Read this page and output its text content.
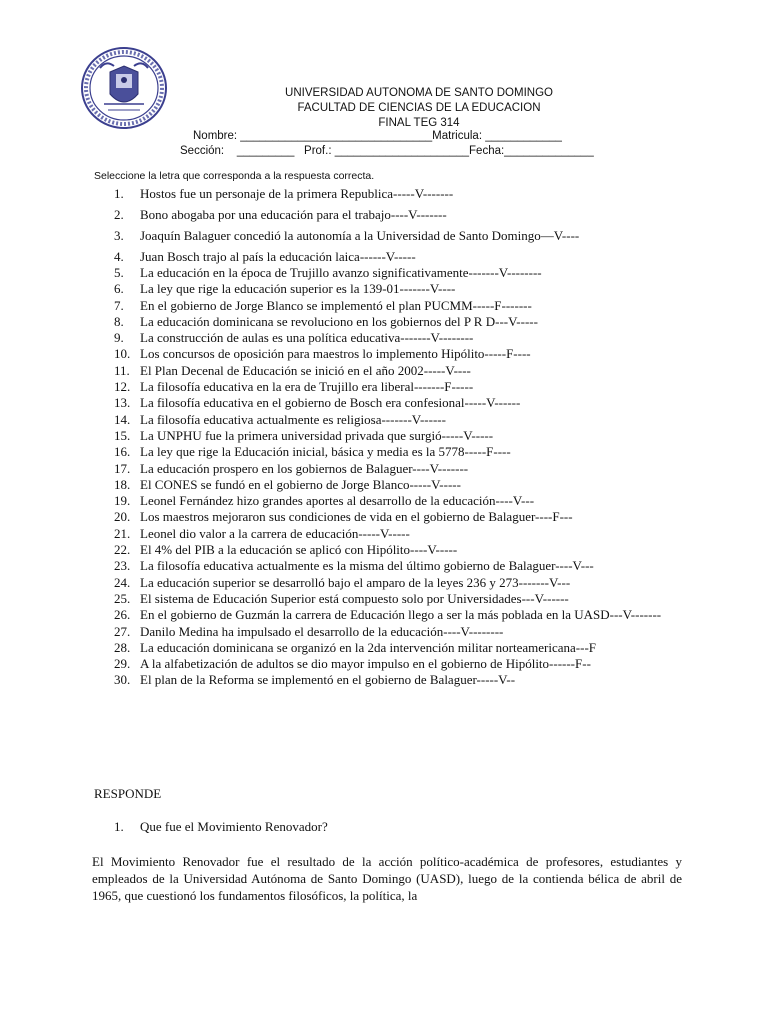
UNIVERSIDAD AUTONOMA DE SANTO DOMINGO
FACULTAD DE CIENCIAS DE LA EDUCACION
FINAL TEG 314
Nombre: ______________________________Matricula: ____________
Sección:    _________   Prof.: _____________________Fecha:______________
Seleccione la letra que corresponda a la respuesta correcta.
1.	Hostos fue un personaje de la primera Republica-----V-------
2.	Bono abogaba por una educación para el trabajo----V-------
3.	Joaquín Balaguer concedió la autonomía a la Universidad de Santo Domingo—V----
4.	Juan Bosch trajo al país la educación laica------V-----
5.	La educación en la época de Trujillo avanzo significativamente-------V--------
6.	La ley que rige la educación superior es la 139-01-------V----
7.	En el gobierno de Jorge Blanco se implementó el plan PUCMM-----F-------
8.	La educación dominicana se revoluciono en los gobiernos del P R D---V-----
9.	La construcción de aulas es una política educativa-------V--------
10. Los concursos de oposición para maestros lo implemento Hipólito-----F----
11. El Plan Decenal de Educación se inició en el año 2002-----V----
12. La filosofía educativa en la era de Trujillo era liberal-------F-----
13. La filosofía educativa en el gobierno de Bosch era confesional-----V------
14. La filosofía educativa actualmente es religiosa-------V------
15. La UNPHU fue la primera universidad privada que surgió-----V-----
16. La ley que rige la Educación inicial, básica y media es la 5778-----F----
17. La educación prospero en los gobiernos de Balaguer----V-------
18. El CONES se fundó en el gobierno de Jorge Blanco-----V-----
19. Leonel Fernández hizo grandes aportes al desarrollo de la educación----V---
20. Los maestros mejoraron sus condiciones de vida en el gobierno de Balaguer----F---
21. Leonel dio valor a la carrera de educación-----V-----
22. El 4% del PIB a la educación se aplicó con Hipólito----V-----
23. La filosofía educativa actualmente es la misma del último gobierno de Balaguer----V---
24. La educación superior se desarrolló bajo el amparo de la leyes 236 y 273-------V---
25. El sistema de Educación Superior está compuesto solo por Universidades---V------
26. En el gobierno de Guzmán la carrera de Educación llego a ser la más poblada en la UASD---V-------
27. Danilo Medina ha impulsado el desarrollo de la educación----V--------
28. La educación dominicana se organizó en la 2da intervención militar norteamericana---F
29. A la alfabetización de adultos se dio mayor impulso en el gobierno de Hipólito------F--
30. El plan de la Reforma se implementó en el gobierno de Balaguer-----V--
RESPONDE
1. Que fue el Movimiento Renovador?
El Movimiento Renovador fue el resultado de la acción político-académica de profesores, estudiantes y empleados de la Universidad Autónoma de Santo Domingo (UASD), luego de la contienda bélica de abril de 1965, que cuestionó los fundamentos filosóficos, la política, la
